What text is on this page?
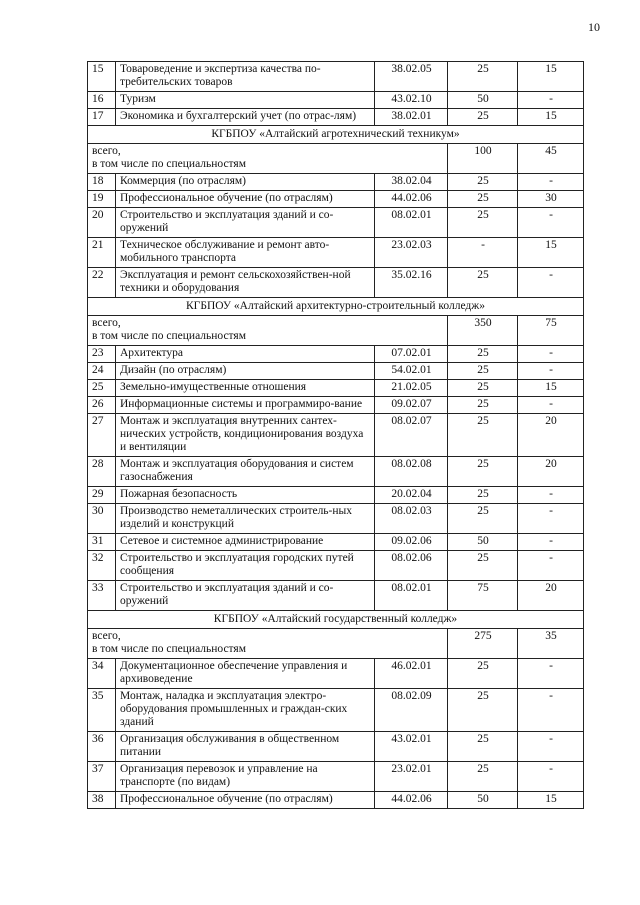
10
15	Товароведение и экспертиза качества по-требительских товаров	38.02.05	25	15
16	Туризм	43.02.10	50	-
17	Экономика и бухгалтерский учет (по отрас-лям)	38.02.01	25	15
КГБПОУ «Алтайский агротехнический техникум»				

всего,
в том числе по специальностям			100	45
18	Коммерция (по отраслям)	38.02.04	25	-
19	Профессиональное обучение (по отраслям)	44.02.06	25	30
20	Строительство и эксплуатация зданий и со-оружений	08.02.01	25	-
21	Техническое обслуживание и ремонт авто-мобильного транспорта	23.02.03	-	15
22	Эксплуатация и ремонт сельскохозяйствен-ной техники и оборудования	35.02.16	25	-
КГБПОУ «Алтайский архитектурно-строительный колледж»				

всего,
в том числе по специальностям			350	75
23	Архитектура	07.02.01	25	-
24	Дизайн (по отраслям)	54.02.01	25	-
25	Земельно-имущественные отношения	21.02.05	25	15
26	Информационные системы и программиро-вание	09.02.07	25	-
27	Монтаж и эксплуатация внутренних сантех-нических устройств, кондиционирования воздуха и вентиляции	08.02.07	25	20
28	Монтаж и эксплуатация оборудования и систем газоснабжения	08.02.08	25	20
29	Пожарная безопасность	20.02.04	25	-
30	Производство неметаллических строитель-ных изделий и конструкций	08.02.03	25	-
31	Сетевое и системное администрирование	09.02.06	50	-
32	Строительство и эксплуатация городских путей сообщения	08.02.06	25	-
33	Строительство и эксплуатация зданий и со-оружений	08.02.01	75	20
КГБПОУ «Алтайский государственный колледж»				

всего,
в том числе по специальностям			275	35
34	Документационное обеспечение управления и архивоведение	46.02.01	25	-
35	Монтаж, наладка и эксплуатация электро-оборудования промышленных и граждан-ских зданий	08.02.09	25	-
36	Организация обслуживания в общественном питании	43.02.01	25	-
37	Организация перевозок и управление на транспорте (по видам)	23.02.01	25	-
38	Профессиональное обучение (по отраслям)	44.02.06	50	15
